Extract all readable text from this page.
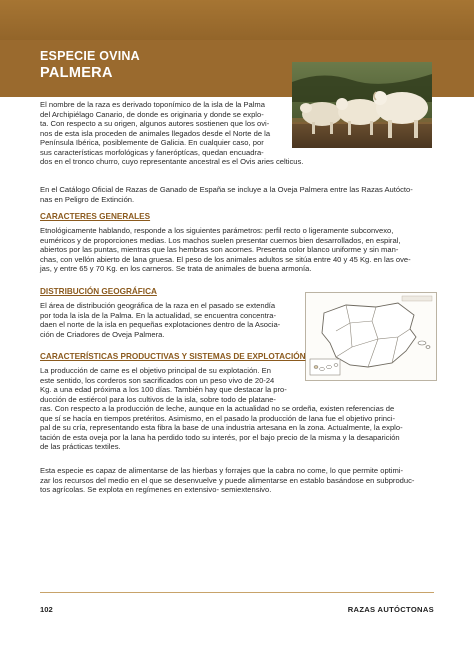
ESPECIE OVINA
PALMERA
El nombre de la raza es derivado toponímico de la isla de la Palma
del Archipiélago Canario, de donde es originaria y donde se explo-
ta. Con respecto a su origen, algunos autores sostienen que los ovi-
nos de esta isla proceden de animales llegados desde el Norte de la
Península Ibérica, posiblemente de Galicia. En cualquier caso, por
sus características morfológicas y faneróptícas, quedan encuadra-
dos en el tronco churro, cuyo representante ancestral es el Ovis aries celticus.
En el Catálogo Oficial de Razas de Ganado de España se incluye a la Oveja Palmera entre las Razas Autócto-
nas en Peligro de Extinción.
CARACTERES GENERALES
Etnológicamente hablando, responde a los siguientes parámetros: perfil recto o ligeramente subconvexo,
euméricos y de proporciones medias. Los machos suelen presentar cuernos bien desarrollados, en espiral,
abiertos por las puntas, mientras que las hembras son acornes. Presenta color blanco uniforme y sin man-
chas, con vellón abierto de lana gruesa. El peso de los animales adultos se sitúa entre 40 y 45 Kg. en las ove-
jas, y entre 65 y 70 Kg. en los carneros. Se trata de animales de buena armonía.
DISTRIBUCIÓN GEOGRÁFICA
El área de distribución geográfica de la raza en el pasado se extendía
por toda la isla de la Palma. En la actualidad, se encuentra concentra-
daen el norte de la isla en pequeñas explotaciones dentro de la Asocia-
ción de Criadores de Oveja Palmera.
CARACTERÍSTICAS PRODUCTIVAS Y SISTEMAS DE EXPLOTACIÓN
La producción de carne es el objetivo principal de su explotación. En
este sentido, los corderos son sacrificados con un peso vivo de 20-24
Kg. a una edad próxima a los 100 días. También hay que destacar la pro-
ducción de estiércol para los cultivos de la isla, sobre todo de platane-
ras. Con respecto a la producción de leche, aunque en la actualidad no se ordeña, existen referencias de
que sí se hacía en tiempos pretéritos. Asimismo, en el pasado la producción de lana fue el objetivo princi-
pal de su cría, representando esta fibra la base de una industria artesana en la zona. Actualmente, la explo-
tación de esta oveja por la lana ha perdido todo su interés, por el bajo precio de la misma y la desaparición
de las prácticas textiles.
Esta especie es capaz de alimentarse de las hierbas y forrajes que la cabra no come, lo que permite optimi-
zar los recursos del medio en el que se desenvuelve y puede alimentarse en establo basándose en subproduc-
tos agrícolas. Se explota en regímenes en extensivo- semiextensivo.
102	RAZAS AUTÓCTONAS
